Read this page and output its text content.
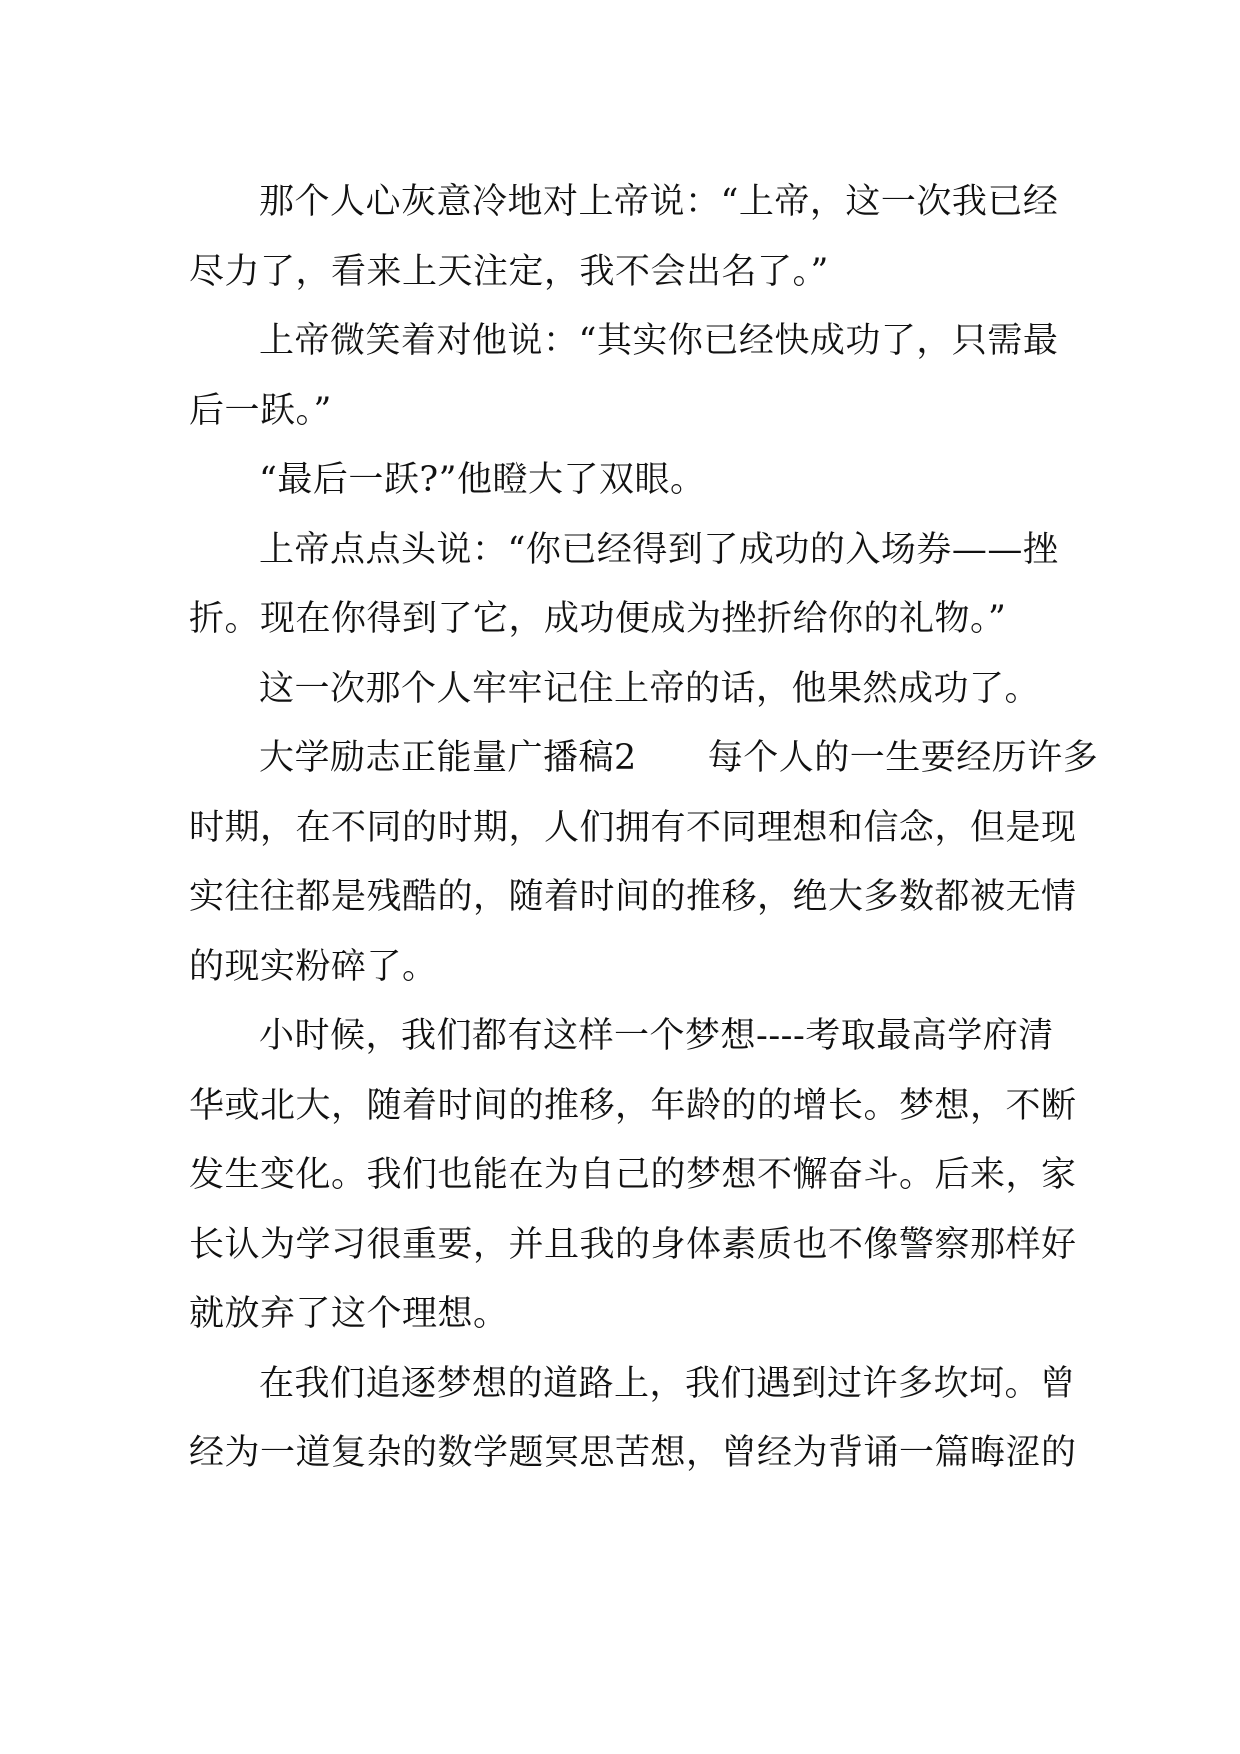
那个人心灰意冷地对上帝说：“上帝，这一次我已经
尽力了，看来上天注定，我不会出名了。”
上帝微笑着对他说：“其实你已经快成功了，只需最
后一跃。”
“最后一跃?”他瞪大了双眼。
上帝点点头说：“你已经得到了成功的入场券——挫
折。现在你得到了它，成功便成为挫折给你的礼物。”
这一次那个人牢牢记住上帝的话，他果然成功了。
大学励志正能量广播稿2　　每个人的一生要经历许多
时期，在不同的时期，人们拥有不同理想和信念，但是现
实往往都是残酷的，随着时间的推移，绝大多数都被无情
的现实粉碎了。
小时候，我们都有这样一个梦想----考取最高学府清
华或北大，随着时间的推移，年龄的的增长。梦想，不断
发生变化。我们也能在为自己的梦想不懈奋斗。后来，家
长认为学习很重要，并且我的身体素质也不像警察那样好
就放弃了这个理想。
在我们追逐梦想的道路上，我们遇到过许多坎坷。曾
经为一道复杂的数学题冥思苦想，曾经为背诵一篇晦涩的
